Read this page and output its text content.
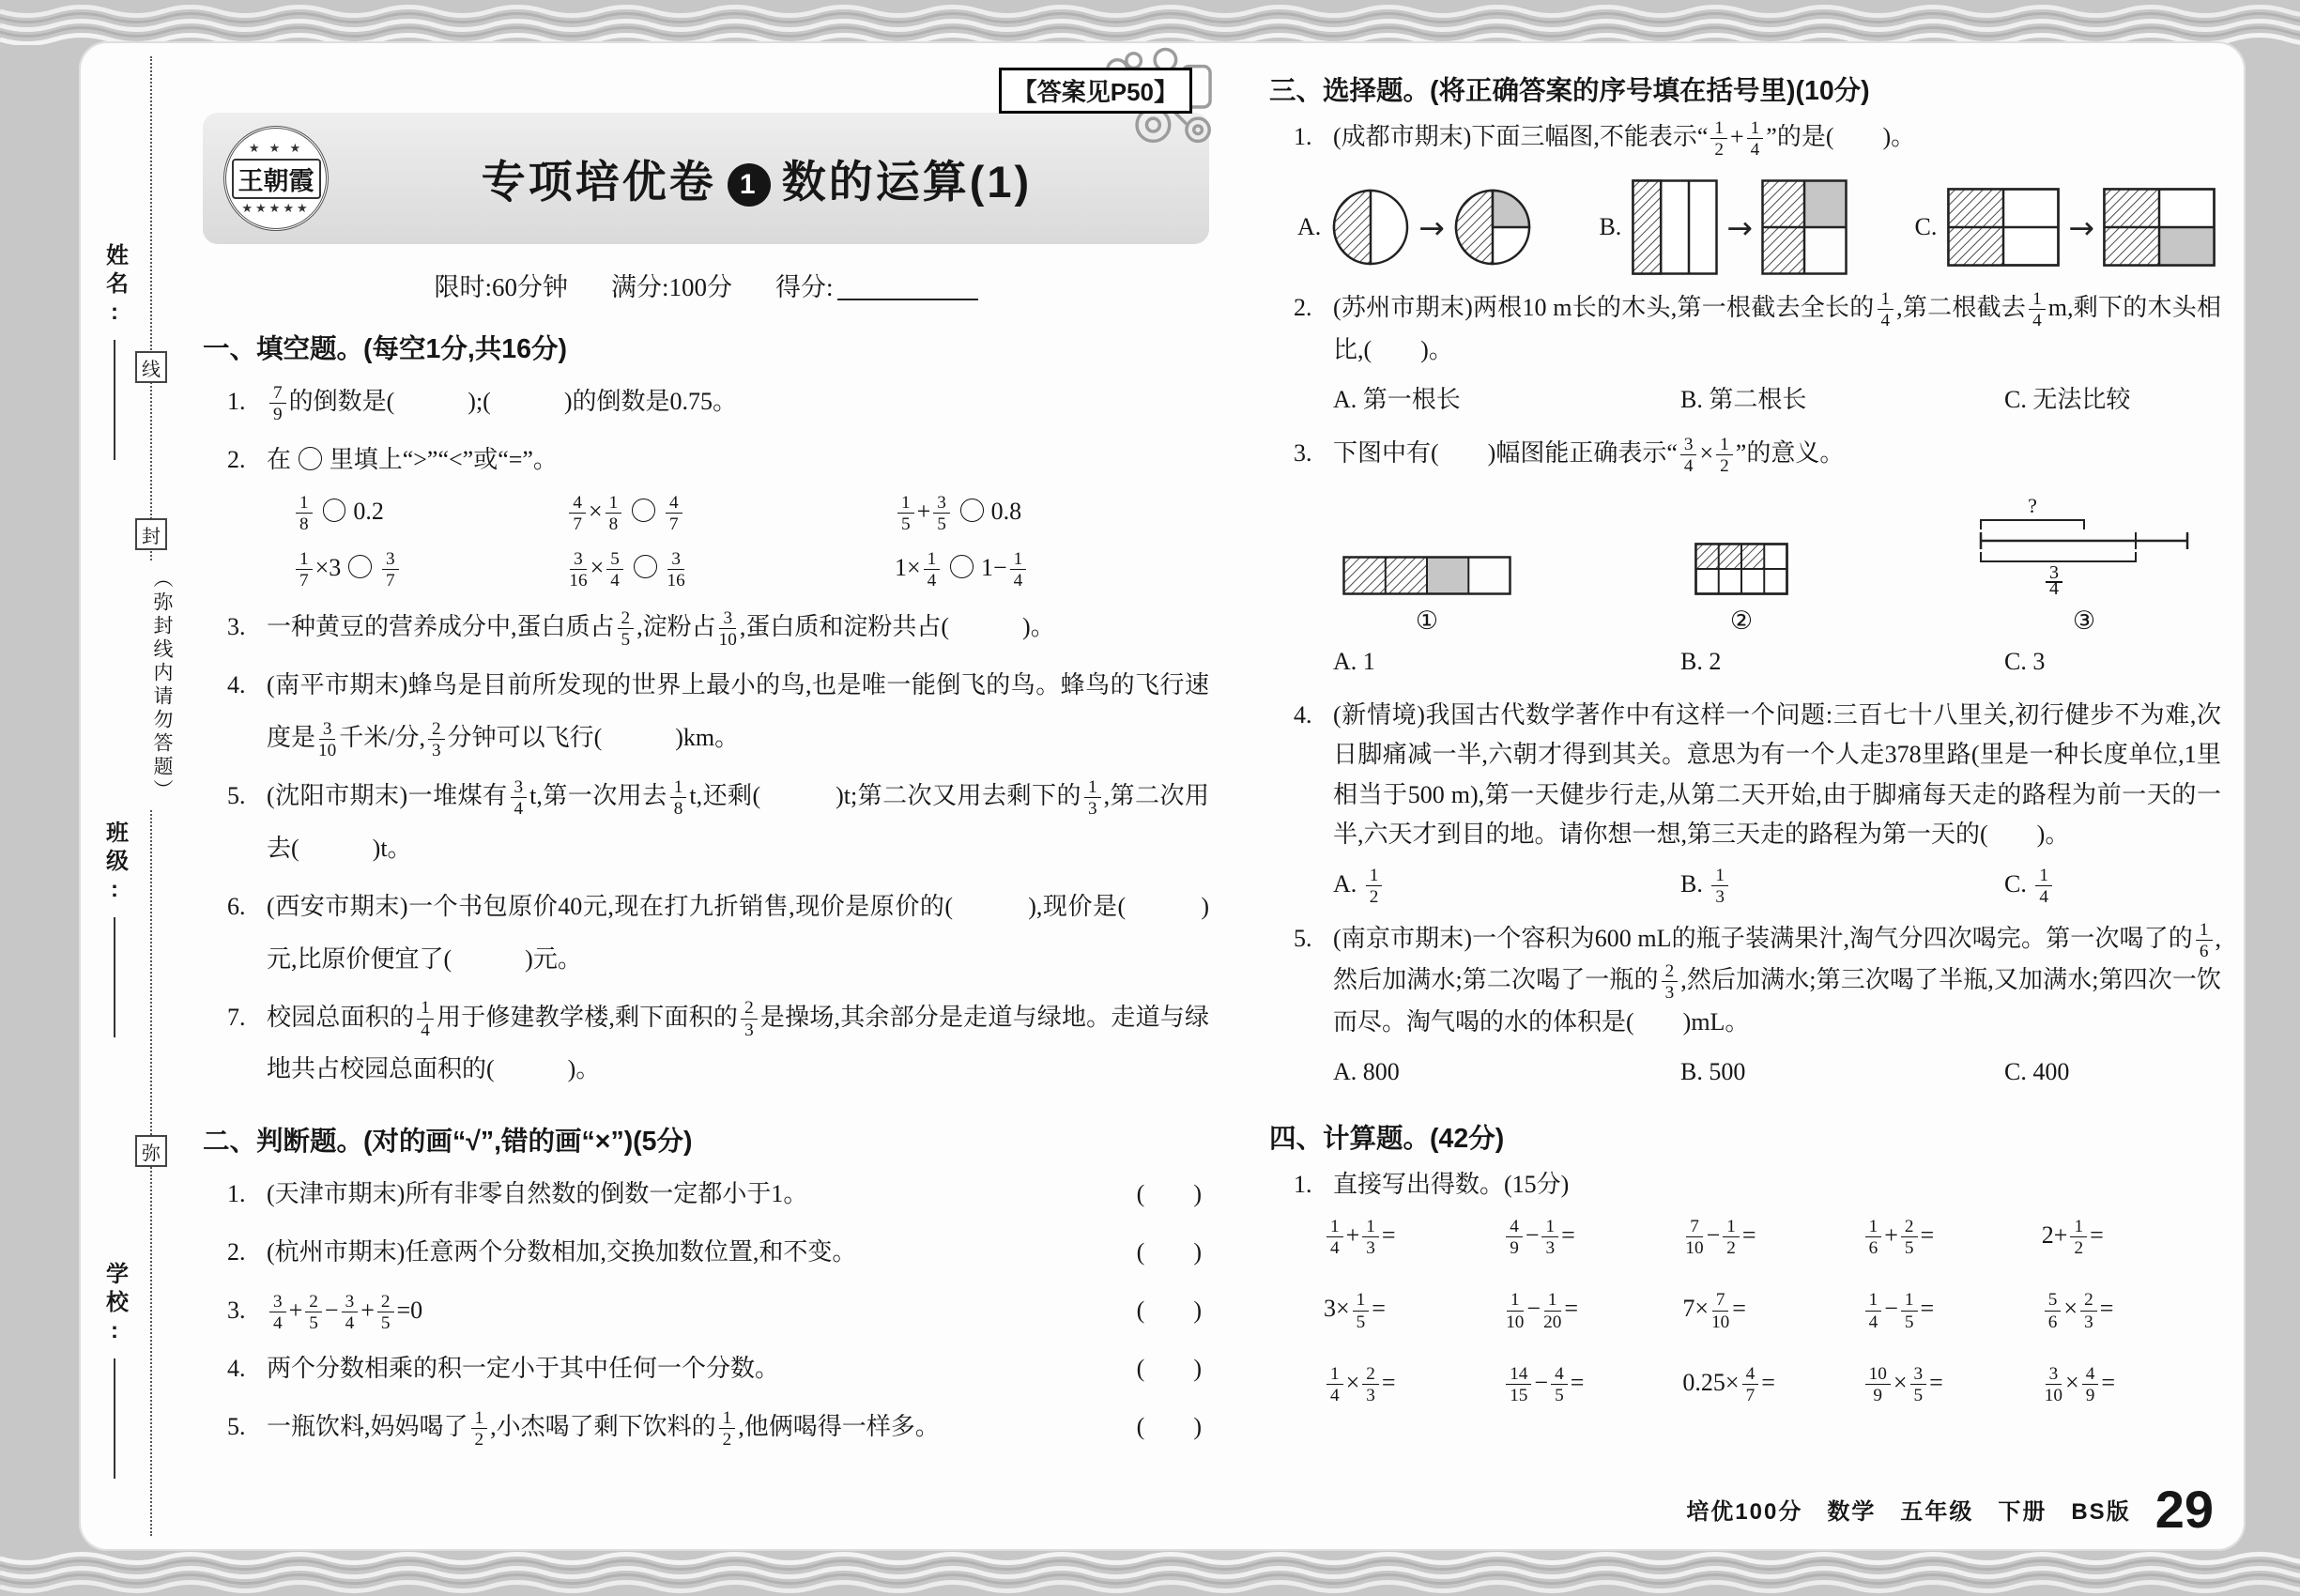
姓名:
班级:
学校:
线
封
（弥封线内请勿答题）
弥
【答案见P50】
★ ★ ★
王朝霞
★★★★★
专项培优卷 1 数的运算(1)
限时:60分钟 满分:100分 得分:
一、填空题。(每空1分,共16分)
1.	$\frac{7}{9}$ 的倒数是(　　　);(　　　)的倒数是0.75。
2. 在 里填上“>”“<”或“=”。
$\frac{1}{8} 0.2$	$\frac{4}{7} \times \frac{1}{8} \frac{4}{7}$	$\frac{1}{5} + \frac{3}{5} 0.8$
$\frac{1}{7} \times 3 \frac{3}{7}$	$\frac{3}{16} \times \frac{5}{4} \frac{3}{16}$	$1\times \frac{1}{4} 1- \frac{1}{4}$
3. 一种黄豆的营养成分中,蛋白质占 $\frac{2}{5}$ ,淀粉占 $\frac{3}{10}$ ,蛋白质和淀粉共占(　　　)。
4. (南平市期末)蜂鸟是目前所发现的世界上最小的鸟,也是唯一能倒飞的鸟。蜂鸟的飞行速度是 $\frac{3}{10}$ 千米/分, $\frac{2}{3}$ 分钟可以飞行(　　　)km。
5. (沈阳市期末)一堆煤有 $\frac{3}{4} t$,第一次用去 $\frac{1}{8} t$,还剩(　　　)t;第二次又用去剩下的 $\frac{1}{3}$ ,第二次用去(　　　)t。
6. (西安市期末)一个书包原价40元,现在打九折销售,现价是原价的(　　　),现价是(　　　)元,比原价便宜了(　　　)元。
7. 校园总面积的 $\frac{1}{4}$ 用于修建教学楼,剩下面积的 $\frac{2}{3}$ 是操场,其余部分是走道与绿地。走道与绿地共占校园总面积的(　　　)。
二、判断题。(对的画“√”,错的画“×”)(5分)
1. (天津市期末)所有非零自然数的倒数一定都小于1。	(　　)
2. (杭州市期末)任意两个分数相加,交换加数位置,和不变。	(　　)
3.	$\frac{3}{4} + \frac{2}{5} - \frac{3}{4} + \frac{2}{5} =0$	(　　)
4. 两个分数相乘的积一定小于其中任何一个分数。	(　　)
5. 一瓶饮料,妈妈喝了 $\frac{1}{2}$ ,小杰喝了剩下饮料的 $\frac{1}{2}$ ,他俩喝得一样多。	(　　)
三、选择题。(将正确答案的序号填在括号里)(10分)
1. (成都市期末)下面三幅图,不能表示“ $\frac{1}{2} + \frac{1}{4}$ ”的是(　　)。
A.	→	B.	→	C.	→
2. (苏州市期末)两根10 m长的木头,第一根截去全长的 $\frac{1}{4}$ ,第二根截去 $\frac{1}{4} m$,剩下的木头相比,(　　)。
A. 第一根长	B. 第二根长	C. 无法比较
3. 下图中有(　　)幅图能正确表示“ $\frac{3}{4} \times \frac{1}{2}$ ”的意义。
①	②
?
3
4
③
A. 1	B. 2	C. 3
4. (新情境)我国古代数学著作中有这样一个问题:三百七十八里关,初行健步不为难,次日脚痛减一半,六朝才得到其关。意思为有一个人走378里路(里是一种长度单位,1里相当于500 m),第一天健步行走,从第二天开始,由于脚痛每天走的路程为前一天的一半,六天才到目的地。请你想一想,第三天走的路程为第一天的(　　)。
A. $\frac{1}{2}$	B. $\frac{1}{3}$	C. $\frac{1}{4}$
5. (南京市期末)一个容积为600 mL的瓶子装满果汁,淘气分四次喝完。第一次喝了的 $\frac{1}{6}$ ,然后加满水;第二次喝了一瓶的 $\frac{2}{3}$ ,然后加满水;第三次喝了半瓶,又加满水;第四次一饮而尽。淘气喝的水的体积是(　　)mL。
A. 800	B. 500	C. 400
四、计算题。(42分)
1. 直接写出得数。(15分)
$\frac{1}{4} + \frac{1}{3}$ =	$\frac{4}{9} - \frac{1}{3}$ =	$\frac{7}{10} - \frac{1}{2}$ =	$\frac{1}{6} + \frac{2}{5}$ =	$2+ \frac{1}{2}$ =
$3\times \frac{1}{5}$ =	$\frac{1}{10} - \frac{1}{20}$ =	$7\times \frac{7}{10}$ =	$\frac{1}{4} - \frac{1}{5}$ =	$\frac{5}{6} \times \frac{2}{3}$ =
$\frac{1}{4} \times \frac{2}{3}$ =	$\frac{14}{15} - \frac{4}{5}$ =	$0.25\times \frac{4}{7}$ =	$\frac{10}{9} \times \frac{3}{5}$ =	$\frac{3}{10} \times \frac{4}{9}$ =
培优100分　数学　五年级　下册　BS版 29
